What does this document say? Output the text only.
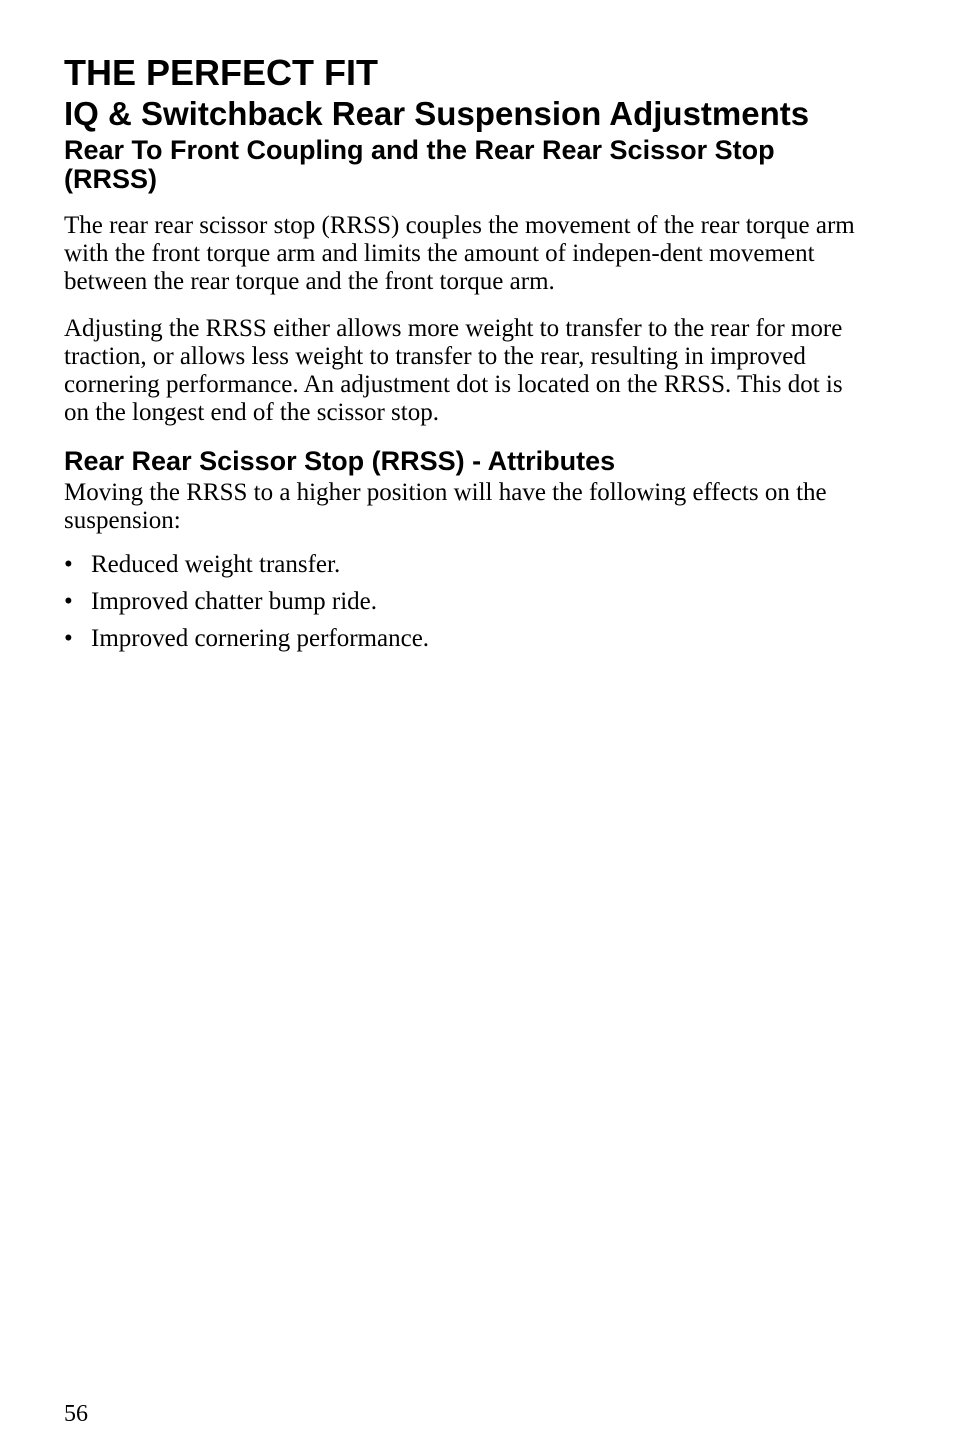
THE PERFECT FIT
IQ & Switchback Rear Suspension Adjustments
Rear To Front Coupling and the Rear Rear Scissor Stop (RRSS)

The rear rear scissor stop (RRSS) couples the movement of the rear torque arm with the front torque arm and limits the amount of indepen-dent movement between the rear torque and the front torque arm.

Adjusting the RRSS either allows more weight to transfer to the rear for more traction, or allows less weight to transfer to the rear, resulting in improved cornering performance. An adjustment dot is located on the RRSS. This dot is on the longest end of the scissor stop.

Rear Rear Scissor Stop (RRSS) - Attributes

Moving the RRSS to a higher position will have the following effects on the suspension:

• Reduced weight transfer.
• Improved chatter bump ride.
• Improved cornering performance.
56
